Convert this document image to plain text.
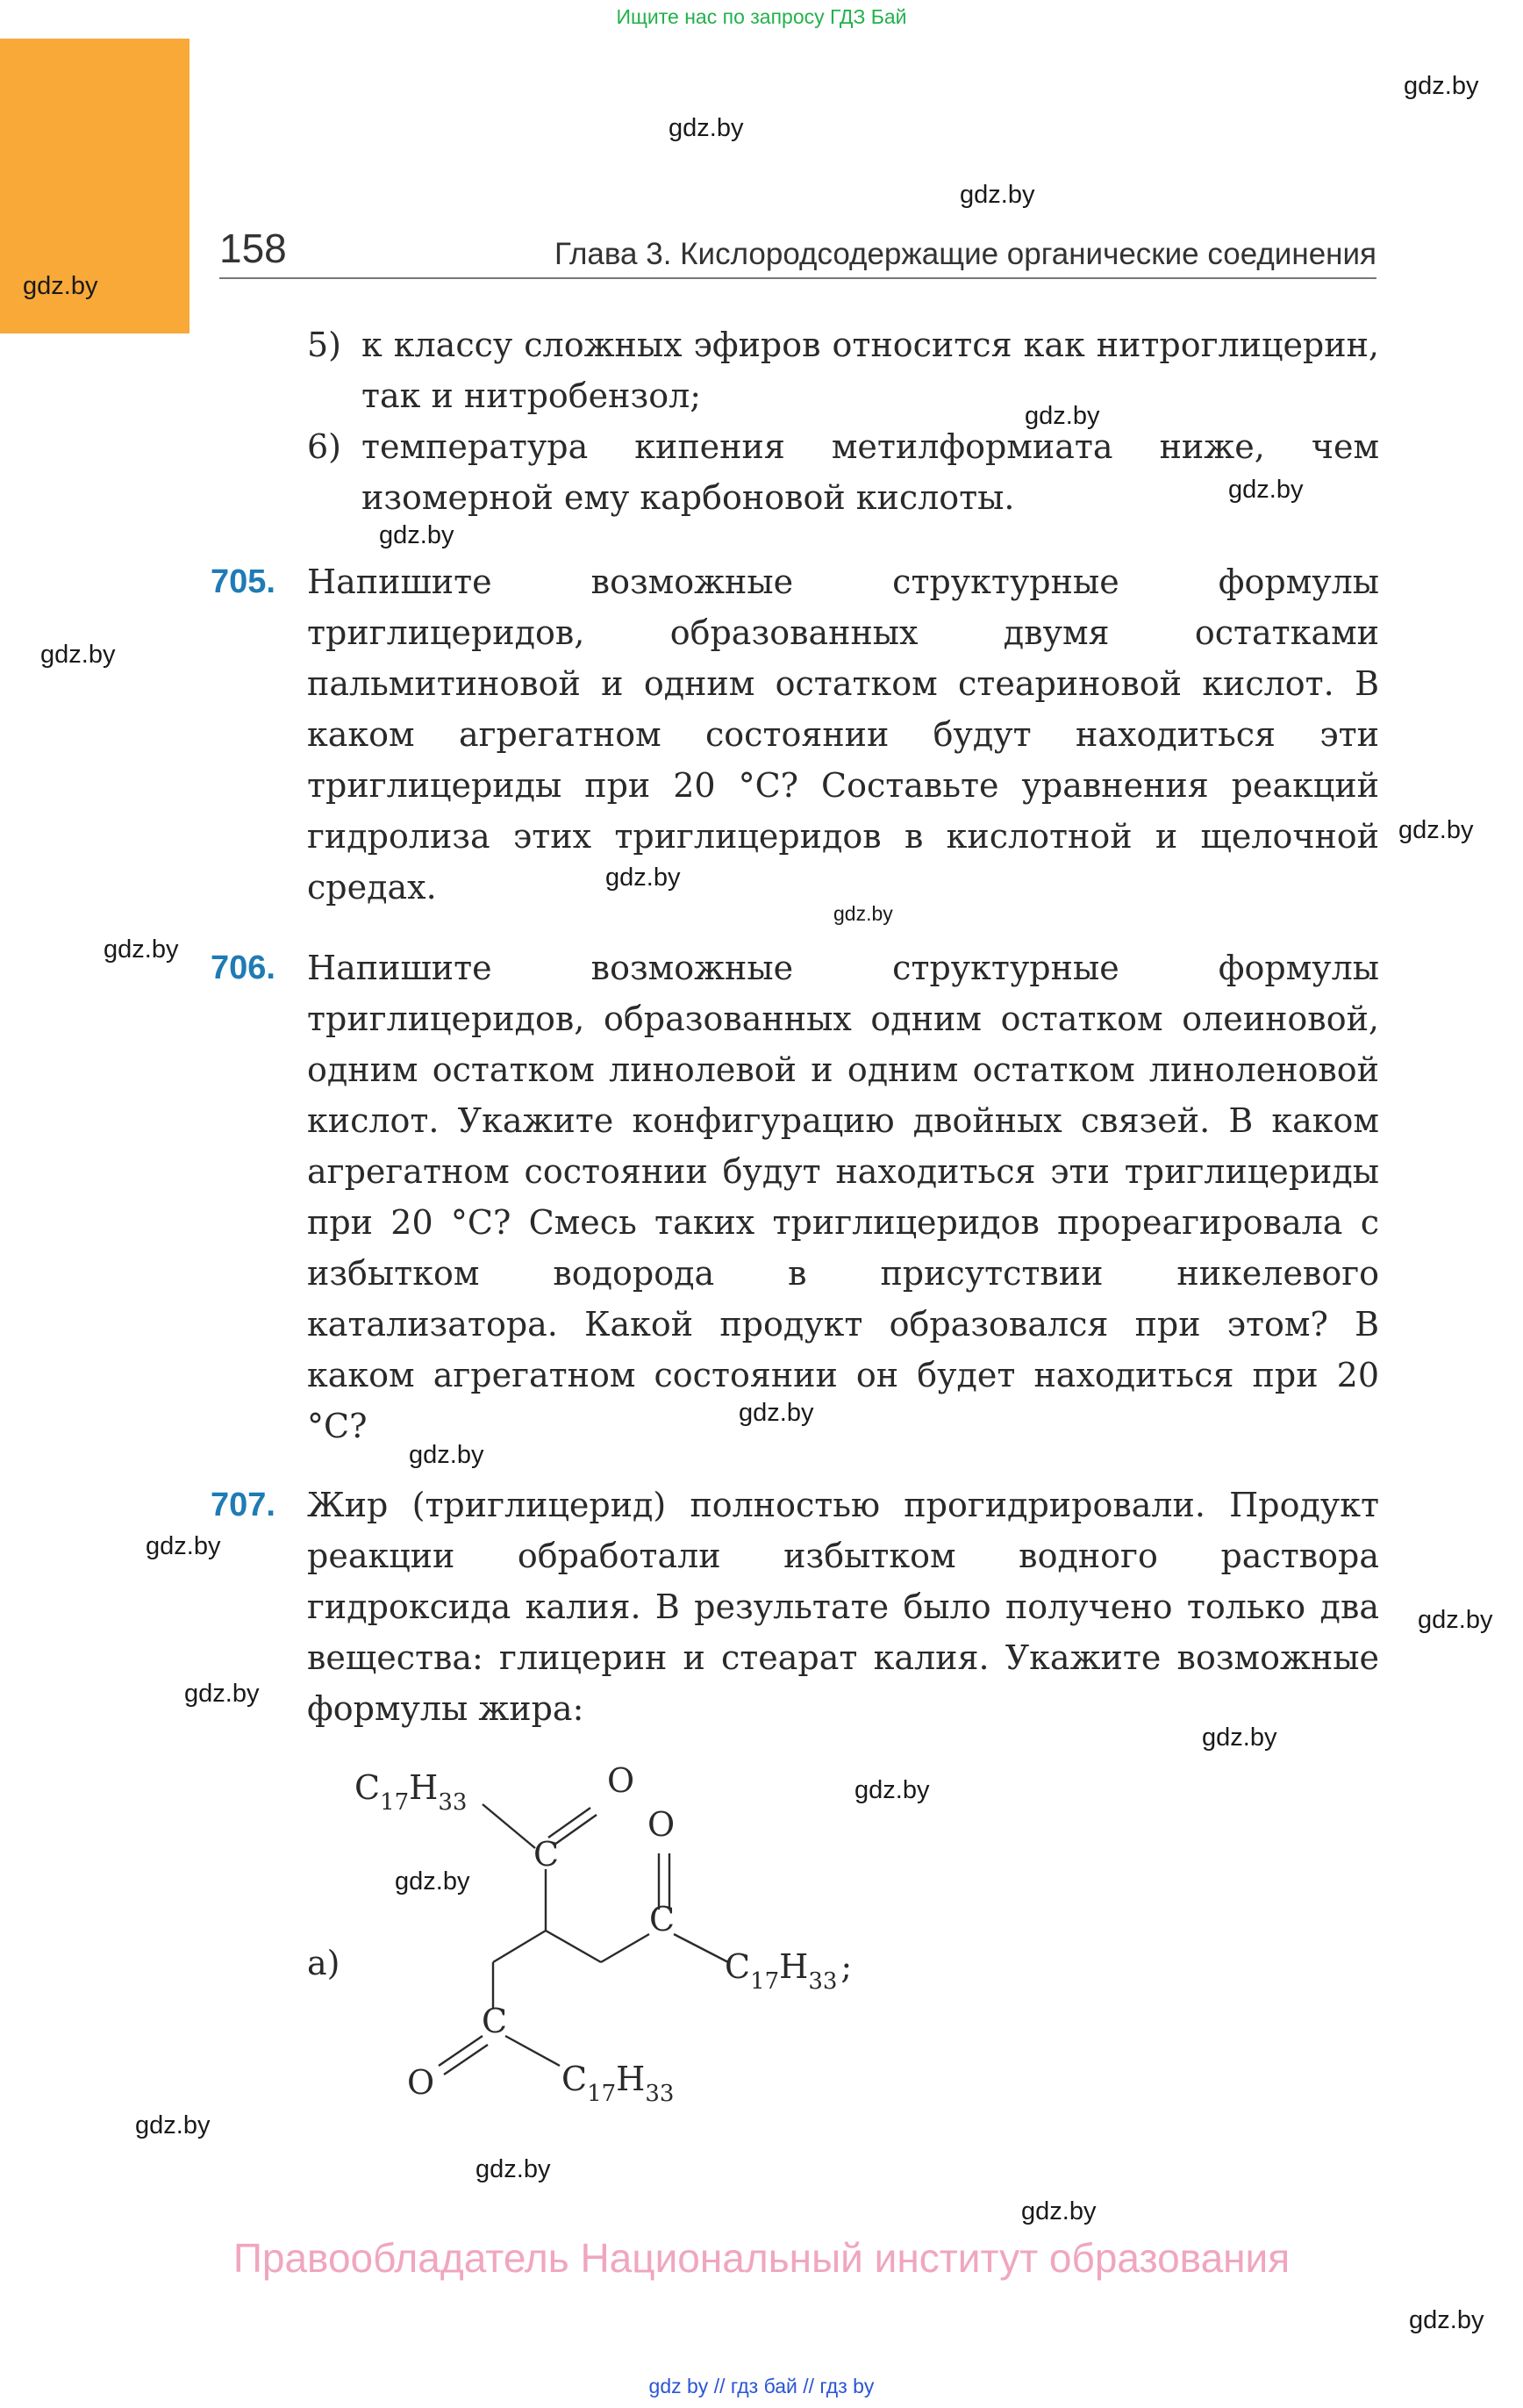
Ищите нас по запросу ГДЗ Бай
158	Глава 3. Кислородсодержащие органические соединения
5) к классу сложных эфиров относится как нитроглицерин, так и нитробензол;
6) температура кипения метилформиата ниже, чем изомерной ему карбоновой кислоты.
705. Напишите возможные структурные формулы триглицеридов, образованных двумя остатками пальмитиновой и одним остатком стеариновой кислот. В каком агрегатном состоянии будут находиться эти триглицериды при 20 °С? Составьте уравнения реакций гидролиза этих триглицеридов в кислотной и щелочной средах.
706. Напишите возможные структурные формулы триглицеридов, образованных одним остатком олеиновой, одним остатком линолевой и одним остатком линоленовой кислот. Укажите конфигурацию двойных связей. В каком агрегатном состоянии будут находиться эти триглицериды при 20 °С? Смесь таких триглицеридов прореагировала с избытком водорода в присутствии никелевого катализатора. Какой продукт образовался при этом? В каком агрегатном состоянии он будет находиться при 20 °С?
707. Жир (триглицерид) полностью прогидрировали. Продукт реакции обработали избытком водного раствора гидроксида калия. В результате было получено только два вещества: глицерин и стеарат калия. Укажите возможные формулы жира:
$C_{17}H_{33}$
O
C
O
C
$C_{17}H_{33}$ ;
а)
C
O	$C_{17}H_{33}$
gdz.by
gdz.by
gdz.by
gdz.by
gdz.by
gdz.by
gdz.by
gdz.by
gdz.by
gdz.by
gdz.by
gdz.by
gdz.by
gdz.by
gdz.by
gdz.by
gdz.by
gdz.by
gdz.by
gdz.by
gdz.by
gdz.by
gdz.by
gdz.by
Правообладатель Национальный институт образования
gdz by // гдз бай // гдз by
